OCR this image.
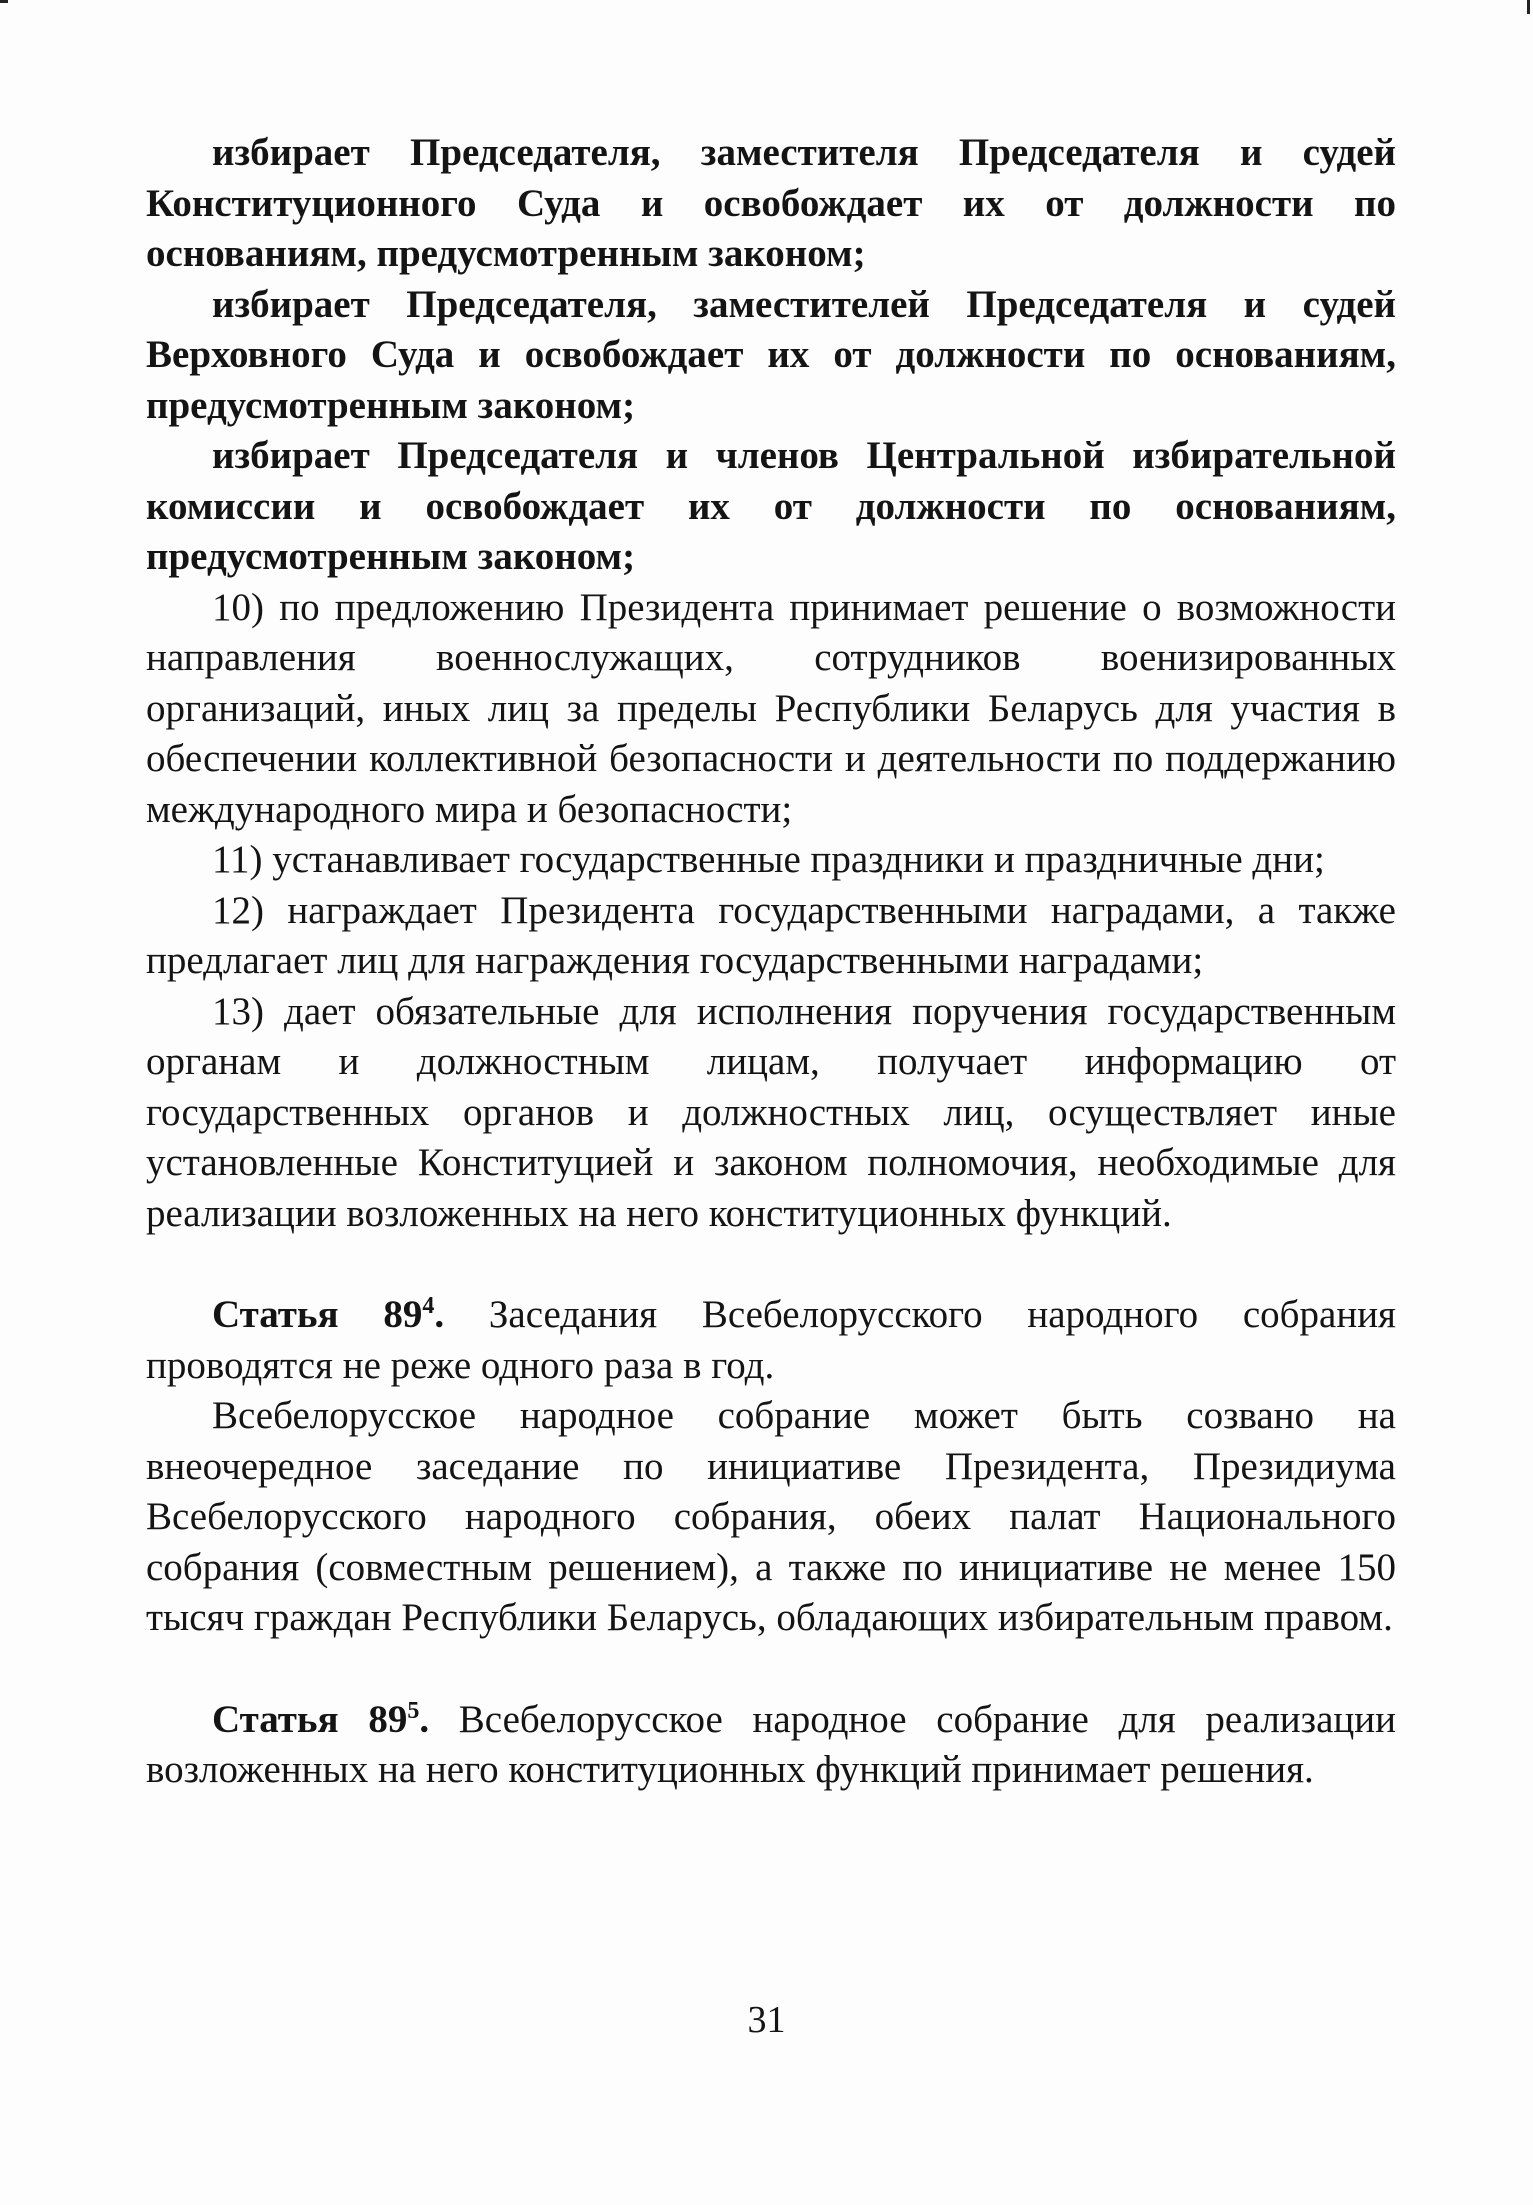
избирает Председателя, заместителя Председателя и судей Конституционного Суда и освобождает их от должности по основаниям, предусмотренным законом;

избирает Председателя, заместителей Председателя и судей Верховного Суда и освобождает их от должности по основаниям, предусмотренным законом;

избирает Председателя и членов Центральной избирательной комиссии и освобождает их от должности по основаниям, предусмотренным законом;

10) по предложению Президента принимает решение о возможности направления военнослужащих, сотрудников военизированных организаций, иных лиц за пределы Республики Беларусь для участия в обеспечении коллективной безопасности и деятельности по поддержанию международного мира и безопасности;

11) устанавливает государственные праздники и праздничные дни;

12) награждает Президента государственными наградами, а также предлагает лиц для награждения государственными наградами;

13) дает обязательные для исполнения поручения государственным органам и должностным лицам, получает информацию от государственных органов и должностных лиц, осуществляет иные установленные Конституцией и законом полномочия, необходимые для реализации возложенных на него конституционных функций.

Статья $89^4$. Заседания Всебелорусского народного собрания проводятся не реже одного раза в год.

Всебелорусское народное собрание может быть созвано на внеочередное заседание по инициативе Президента, Президиума Всебелорусского народного собрания, обеих палат Национального собрания (совместным решением), а также по инициативе не менее 150 тысяч граждан Республики Беларусь, обладающих избирательным правом.

Статья $89^5$. Всебелорусское народное собрание для реализации возложенных на него конституционных функций принимает решения.

31
